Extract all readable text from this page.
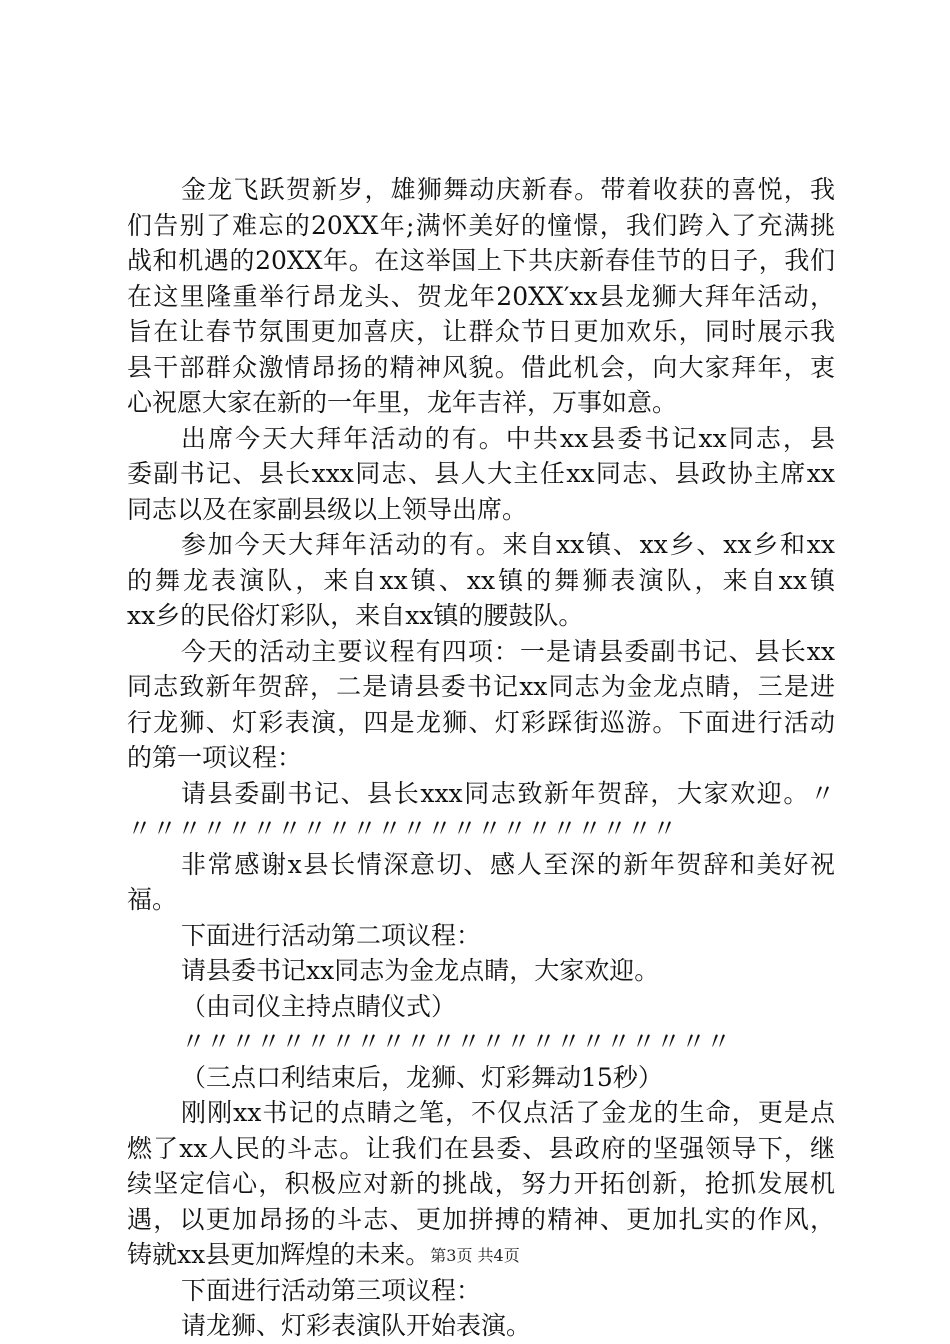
金龙飞跃贺新岁，雄狮舞动庆新春。带着收获的喜悦，我
们告别了难忘的20XX年;满怀美好的憧憬，我们跨入了充满挑
战和机遇的20XX年。在这举国上下共庆新春佳节的日子，我们
在这里隆重举行昂龙头、贺龙年20XX′xx县龙狮大拜年活动，
旨在让春节氛围更加喜庆，让群众节日更加欢乐，同时展示我
县干部群众激情昂扬的精神风貌。借此机会，向大家拜年，衷
心祝愿大家在新的一年里，龙年吉祥，万事如意。
出席今天大拜年活动的有。中共xx县委书记xx同志，县
委副书记、县长xxx同志、县人大主任xx同志、县政协主席xx
同志以及在家副县级以上领导出席。
参加今天大拜年活动的有。来自xx镇、xx乡、xx乡和xx
的舞龙表演队，来自xx镇、xx镇的舞狮表演队，来自xx镇
xx乡的民俗灯彩队，来自xx镇的腰鼓队。
今天的活动主要议程有四项：一是请县委副书记、县长xx
同志致新年贺辞，二是请县委书记xx同志为金龙点睛，三是进
行龙狮、灯彩表演，四是龙狮、灯彩踩街巡游。下面进行活动
的第一项议程：
请县委副书记、县长xxx同志致新年贺辞，大家欢迎。〃
〃〃〃〃〃〃〃〃〃〃〃〃〃〃〃〃〃〃〃〃〃〃
非常感谢x县长情深意切、感人至深的新年贺辞和美好祝
福。
下面进行活动第二项议程：
请县委书记xx同志为金龙点睛，大家欢迎。
（由司仪主持点睛仪式）
〃〃〃〃〃〃〃〃〃〃〃〃〃〃〃〃〃〃〃〃〃〃
（三点口利结束后，龙狮、灯彩舞动15秒）
刚刚xx书记的点睛之笔，不仅点活了金龙的生命，更是点
燃了xx人民的斗志。让我们在县委、县政府的坚强领导下，继
续坚定信心，积极应对新的挑战，努力开拓创新，抢抓发展机
遇，以更加昂扬的斗志、更加拼搏的精神、更加扎实的作风，
铸就xx县更加辉煌的未来。
下面进行活动第三项议程：
请龙狮、灯彩表演队开始表演。
第3页 共4页
